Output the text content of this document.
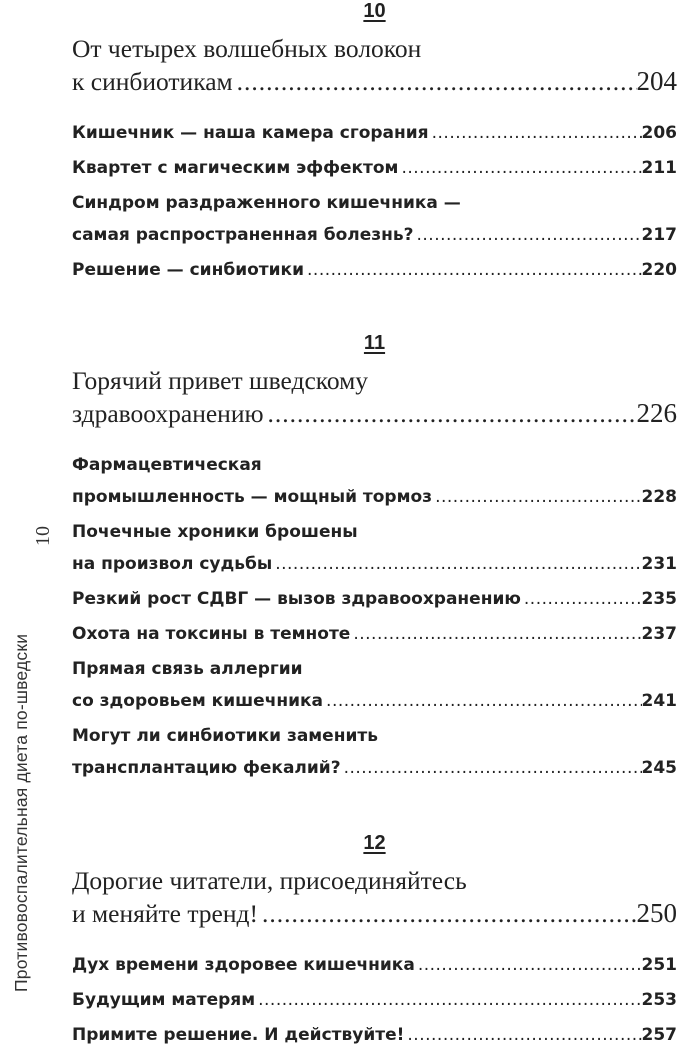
Противовоспалительная диета по-шведски
10
10
От четырех волшебных волокон
к синбиотикам .....	204
Кишечник — наша камера сгорания .....	206
Квартет с магическим эффектом .....	211
Синдром раздраженного кишечника —
самая распространенная болезнь? .....	217
Решение — синбиотики .....	220
11
Горячий привет шведскому
здравоохранению .....	226
Фармацевтическая
промышленность — мощный тормоз .....	228
Почечные хроники брошены
на произвол судьбы .....	231
Резкий рост СДВГ — вызов здравоохранению .....	235
Охота на токсины в темноте .....	237
Прямая связь аллергии
со здоровьем кишечника .....	241
Могут ли синбиотики заменить
трансплантацию фекалий? .....	245
12
Дорогие читатели, присоединяйтесь
и меняйте тренд! .....	250
Дух времени здоровее кишечника .....	251
Будущим матерям .....	253
Примите решение. И действуйте! .....	257
